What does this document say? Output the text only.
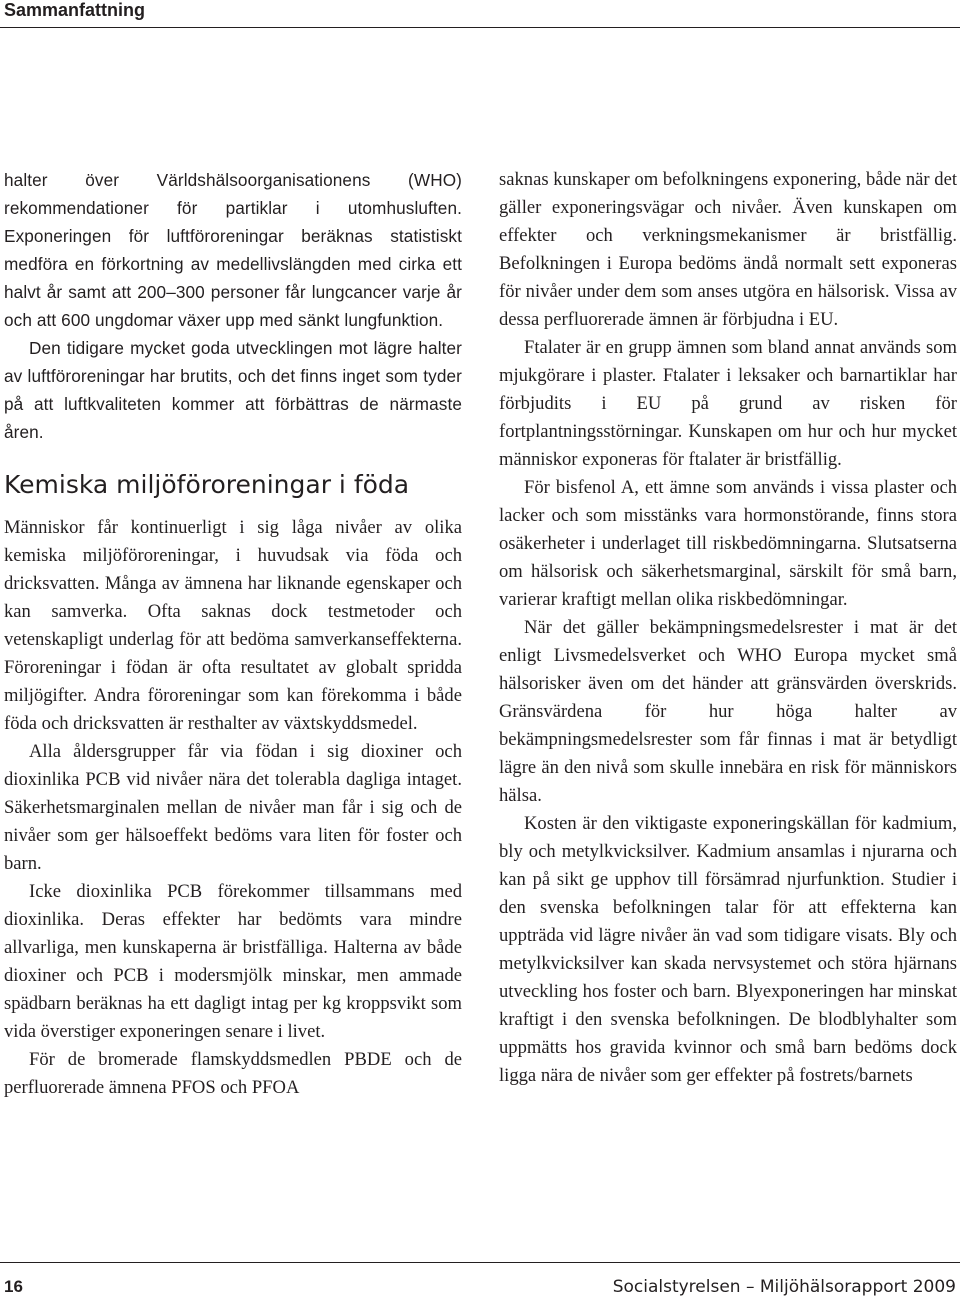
Sammanfattning

halter över Världshälsoorganisationens (WHO) rekommendationer för partiklar i utomhusluften. Exponeringen för luftföroreningar beräknas statistiskt medföra en förkortning av medellivslängden med cirka ett halvt år samt att 200–300 personer får lungcancer varje år och att 600 ungdomar växer upp med sänkt lungfunktion.

Den tidigare mycket goda utvecklingen mot lägre halter av luftföroreningar har brutits, och det finns inget som tyder på att luftkvaliteten kommer att förbättras de närmaste åren.

Kemiska miljöföroreningar i föda

Människor får kontinuerligt i sig låga nivåer av olika kemiska miljöföroreningar, i huvudsak via föda och dricksvatten. Många av ämnena har liknande egenskaper och kan samverka. Ofta saknas dock testmetoder och vetenskapligt underlag för att bedöma samverkanseffekterna. Föroreningar i födan är ofta resultatet av globalt spridda miljögifter. Andra föroreningar som kan förekomma i både föda och dricksvatten är resthalter av växtskyddsmedel.

Alla åldersgrupper får via födan i sig dioxiner och dioxinlika PCB vid nivåer nära det tolerabla dagliga intaget. Säkerhetsmarginalen mellan de nivåer man får i sig och de nivåer som ger hälsoeffekt bedöms vara liten för foster och barn.

Icke dioxinlika PCB förekommer tillsammans med dioxinlika. Deras effekter har bedömts vara mindre allvarliga, men kunskaperna är bristfälliga. Halterna av både dioxiner och PCB i modersmjölk minskar, men ammade spädbarn beräknas ha ett dagligt intag per kg kroppsvikt som vida överstiger exponeringen senare i livet.

För de bromerade flamskyddsmedlen PBDE och de perfluorerade ämnena PFOS och PFOA

saknas kunskaper om befolkningens exponering, både när det gäller exponeringsvägar och nivåer. Även kunskapen om effekter och verkningsmekanismer är bristfällig. Befolkningen i Europa bedöms ändå normalt sett exponeras för nivåer under dem som anses utgöra en hälsorisk. Vissa av dessa perfluorerade ämnen är förbjudna i EU.

Ftalater är en grupp ämnen som bland annat används som mjukgörare i plaster. Ftalater i leksaker och barnartiklar har förbjudits i EU på grund av risken för fortplantningsstörningar. Kunskapen om hur och hur mycket människor exponeras för ftalater är bristfällig.

För bisfenol A, ett ämne som används i vissa plaster och lacker och som misstänks vara hormonstörande, finns stora osäkerheter i underlaget till riskbedömningarna. Slutsatserna om hälsorisk och säkerhetsmarginal, särskilt för små barn, varierar kraftigt mellan olika riskbedömningar.

När det gäller bekämpningsmedelsrester i mat är det enligt Livsmedelsverket och WHO Europa mycket små hälsorisker även om det händer att gränsvärden överskrids. Gränsvärdena för hur höga halter av bekämpningsmedelsrester som får finnas i mat är betydligt lägre än den nivå som skulle innebära en risk för människors hälsa.

Kosten är den viktigaste exponeringskällan för kadmium, bly och metylkvicksilver. Kadmium ansamlas i njurarna och kan på sikt ge upphov till försämrad njurfunktion. Studier i den svenska befolkningen talar för att effekterna kan uppträda vid lägre nivåer än vad som tidigare visats. Bly och metylkvicksilver kan skada nervsystemet och störa hjärnans utveckling hos foster och barn. Blyexponeringen har minskat kraftigt i den svenska befolkningen. De blodblyhalter som uppmätts hos gravida kvinnor och små barn bedöms dock ligga nära de nivåer som ger effekter på fostrets/barnets

16	Socialstyrelsen – Miljöhälsorapport 2009
